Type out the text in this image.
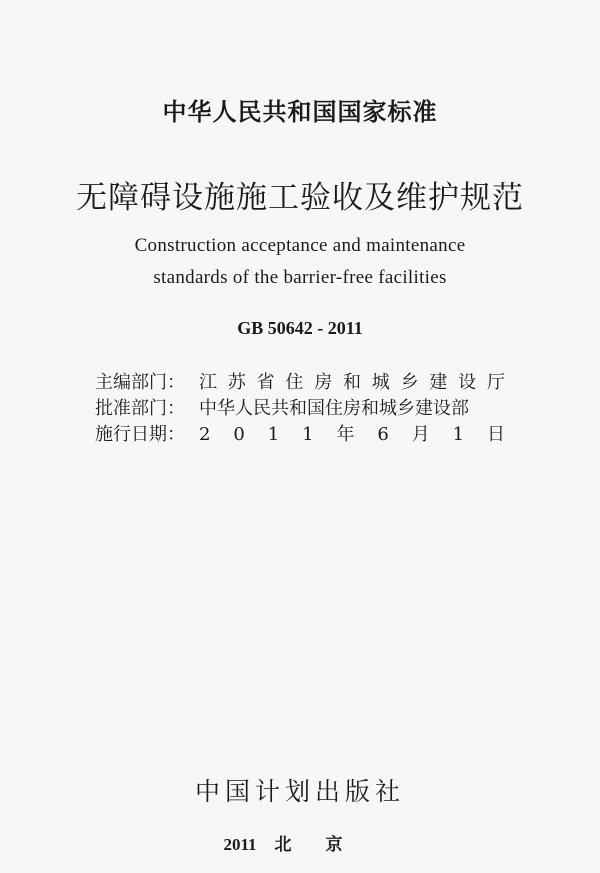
中华人民共和国国家标准
无障碍设施施工验收及维护规范
Construction acceptance and maintenance
standards of the barrier-free facilities
GB 50642 - 2011
主编部门： 江 苏 省 住 房 和 城 乡 建 设 厅
批准部门： 中华人民共和国住房和城乡建设部
施行日期： 2 0 1 1 年 6 月 1 日
中国计划出版社
2011 北京
